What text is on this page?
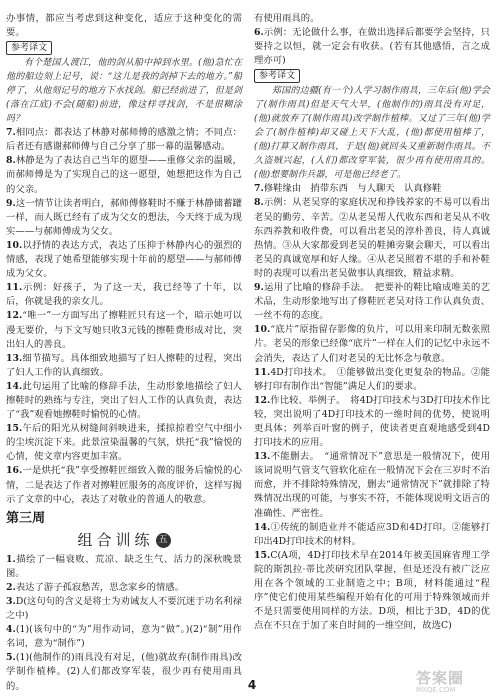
办事情，都应当考虑到这种变化，适应于这种变化的需要。

参考译文

有个楚国人渡江，他的剑从船中掉到水里。(他)急忙在他的船边刻上记号，说：“这儿是我的剑掉下去的地方。”船停了，从他刻记号的地方下水找剑。船已经前进了，但是剑(落在江底)不会(随船)前进，像这样寻找剑，不是很糊涂吗？

7.相同点：都表达了林静对郝师傅的感激之情；不同点：后者还有感谢郝师傅与自己分享了那一幕的温馨感动。

8.林静是为了表达自己当年的愿望——重修父亲的温暖，而郝师傅是为了实现自己的这一愿望，她想把这作为自己的父亲。

9.这一情节让读者明白，郝师傅修鞋时不赚于林静储蓄罐一样，而人既已经有了成为父女的想法，今天终于成为现实——与郝师傅成为父女。

10.以抒情的表达方式，表达了压抑于林静内心的强烈的情感，表现了她希望能够实现十年前的愿望——与郝师傅成为父女。

11.示例：好孩子，为了这一天，我已经等了十年，以后，你就是我的亲女儿。

12.“唯一”一方面写出了擦鞋匠只有这一个，暗示她可以漫无要价，与下文写她只收3元钱的擦鞋费形成对比，突出妇人的善良。

13.细节描写。具体细致地描写了妇人擦鞋的过程，突出了妇人工作的认真细致。

14.此句运用了比喻的修辞手法，生动形象地描绘了妇人擦鞋时的熟练与专注，突出了妇人工作的认真负责，表达了“我”观看她擦鞋时愉悦的心情。

15.午后的阳光从树缝间斜映进来，揉掠掠着空气中细小的尘埃沉淀下来。此景渲染温馨的气氛，烘托“我”愉悦的心情，使文章内容更加丰富。

16.一是烘托“我”享受擦鞋匠细致入微的服务后愉悦的心情，二是表达了作者对擦鞋匠服务的高度评价，这样写揭示了文章的中心，表达了对敬业的普通人的敬意。

第三周
组合训练 五

1.描绘了一幅衰败、荒凉、缺乏生气、活力的深秋晚景图。

2.表达了游子孤寂愁苦，思念家乡的情感。

3.D(这句句的含义是将士为劝诫友人不要沉迷于功名利禄之中)

4.(1)(该句中的“为”用作动词，意为“做”。)(2)“制”用作名词，意为“制作”)

5.(1)(他制作的)雨具没有对足，(他)就故弃(制作雨具)改学制作植棒。(2)人们都改穿军装，很少再有使用雨具的。

有使用雨具的。

6.示例：无论做什么事，在做出选择后都要学会坚持，只要持之以恒，就一定会有收获。(若有其他感悟，言之成理亦可)

参考译文

郑国的边疆(有一个)人学习制作雨具，三年后(他)学会了(制作雨具)但是天气大旱，(他制作的)雨具没有对足，(他)就放弃了(制作雨具)改学制作植棒。又过了三年(他)学会了(制作植棒)却又碰上天下大乱，(他)都使用植棒了，(他)打算又制作雨具，于是(他)就回头又重新制作雨具。不久盗贼兴起，(人们)都改穿军装，很少再有使用雨具的。(他)想要制作兵器，可是他已经老了。

7.修鞋缘由　捎带东西　与人聊天　认真修鞋

8.示例：从老吴穿的家庭状况和挣钱养家的不易可以看出老吴的勤劳、辛苦。②从老吴帮人代收东西和老吴从不收东西养教和收件费，可以看出老吴的淳朴善良，待人真诚热情。③从大家都爱到老吴的鞋摊旁聚会聊天，可以看出老吴的真诚宽厚和好人缘。④从老吴照着不堪的手和补鞋时的表现可以看出老吴做事认真细致，精益求精。

9.运用了比喻的修辞手法。　把要补的鞋比喻成唯美的艺术品，生动形象地写出了修鞋匠老吴对待工作认真负责、一丝不苟的态度。

10.“底片”原指留存影像的负片，可以用来印制无数张照片。老吴的形象已经像“底片”一样在人们的记忆中永远不会消失，表达了人们对老吴的无比怀念与敬意。

11.4D打印技术。　①能够做出变化更复杂的物品。②能够打印有制作出“智能”满足人们的要求。

12.作比较、举例子。　将4D打印技术与3D打印技术作比较，突出说明了4D打印技术的一维时间的优势，使说明更具体；列举百叶窗的例子，使读者更直观地感受到4D打印技术的应用。

13.不能删去。　“通常情况下”意思是一般情况下，使用该词说明气管支气管软化症在一般情况下会在三岁时不治而愈，并不排除特殊情况，删去“通常情况下”就排除了特殊情况出现的可能，与事实不符，不能体现说明文语言的准确性、严密性。

14.①传统的制造业并不能适应3D和4D打印。②能够打印出4D打印技术的材料。

15.C(A项，4D打印技术早在2014年被美国麻省理工学院的斯凯拉·蒂比茨研究团队掌握，但是还没有被广泛应用在各个领域的工业制造之中；B项，材料能通过“程序”使它们使用某些编程开始有化的可用于特殊领域而并不是只需要使用同样的方法。D项，相比于3D，4D的优点在不只在于加了来自时间的一维空间，故选C)

4	答案圈
MXQE.COM
